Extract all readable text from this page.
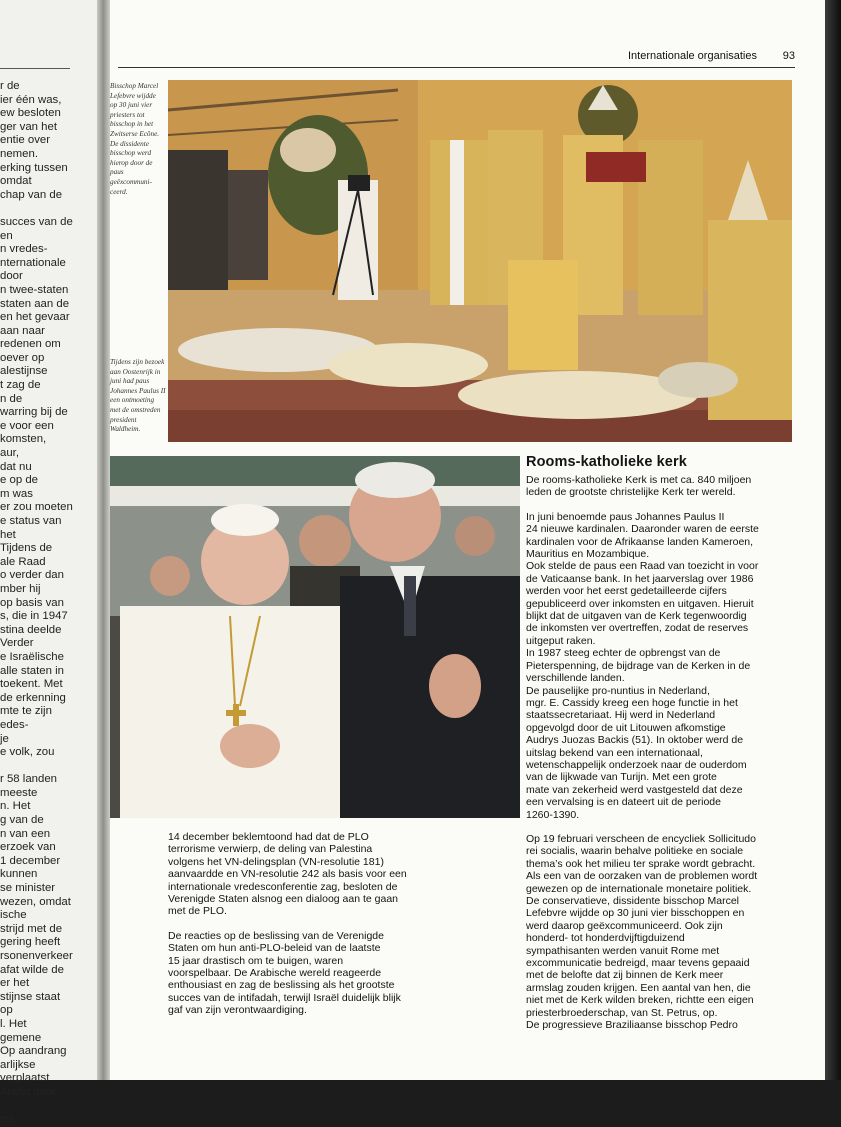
r de
ier één was,
ew besloten
ger van het
entie over
nemen.
erking tussen
omdat
chap van de
succes van de
en
n vredes-
nternationale
door
n twee-staten
staten aan de
en het gevaar
aan naar
redenen om
oever op
alestijnse
t zag de
n de
warring bij de
e voor een
komsten,
aur,
dat nu
e op de
m was
er zou moeten
e status van
het
Tijdens de
ale Raad
o verder dan
mber hij
op basis van
s, die in 1947
stina deelde
Verder
e Israëlische
alle staten in
toekent. Met
de erkenning
mte te zijn
edes-
je
e volk, zou
r 58 landen
meeste
n. Het
g van de
n van een
erzoek van
1 december
kunnen
se minister
wezen, omdat
ische
strijd met de
gering heeft
rsonenverkeer
afat wilde de
er het
stijnse staat
op
l. Het
gemene
Op aandrang
arlijkse
verplaatst
Arafat daar
op
Internationale organisaties 93
Bisschop Marcel
Lefebvre wijdde
op 30 juni vier
priesters tot
bisschop in het
Zwitserse Ecône.
De dissidente
bisschop werd
hierop door de
paus
geëxcommuni-
ceerd.
Tijdens zijn bezoek
aan Oostenrijk in
juni had paus
Johannes Paulus II
een ontmoeting
met de omstreden
president
Waldheim.
Rooms-katholieke kerk

De rooms-katholieke Kerk is met ca. 840 miljoen
leden de grootste christelijke Kerk ter wereld.

In juni benoemde paus Johannes Paulus II
24 nieuwe kardinalen. Daaronder waren de eerste
kardinalen voor de Afrikaanse landen Kameroen,
Mauritius en Mozambique.
Ook stelde de paus een Raad van toezicht in voor
de Vaticaanse bank. In het jaarverslag over 1986
werden voor het eerst gedetailleerde cijfers
gepubliceerd over inkomsten en uitgaven. Hieruit
blijkt dat de uitgaven van de Kerk tegenwoordig
de inkomsten ver overtreffen, zodat de reserves
uitgeput raken.
In 1987 steeg echter de opbrengst van de
Pieterspenning, de bijdrage van de Kerken in de
verschillende landen.
De pauselijke pro-nuntius in Nederland,
mgr. E. Cassidy kreeg een hoge functie in het
staatssecretariaat. Hij werd in Nederland
opgevolgd door de uit Litouwen afkomstige
Audrys Juozas Backis (51). In oktober werd de
uitslag bekend van een internationaal,
wetenschappelijk onderzoek naar de ouderdom
van de lijkwade van Turijn. Met een grote
mate van zekerheid werd vastgesteld dat deze
een vervalsing is en dateert uit de periode
1260-1390.

Op 19 februari verscheen de encycliek Sollicitudo
rei socialis, waarin behalve politieke en sociale
thema’s ook het milieu ter sprake wordt gebracht.
Als een van de oorzaken van de problemen wordt
gewezen op de internationale monetaire politiek.
De conservatieve, dissidente bisschop Marcel
Lefebvre wijdde op 30 juni vier bisschoppen en
werd daarop geëxcommuniceerd. Ook zijn
honderd- tot honderdvijftigduizend
sympathisanten werden vanuit Rome met
excommunicatie bedreigd, maar tevens gepaaid
met de belofte dat zij binnen de Kerk meer
armslag zouden krijgen. Een aantal van hen, die
niet met de Kerk wilden breken, richtte een eigen
priesterbroederschap, van St. Petrus, op.
De progressieve Braziliaanse bisschop Pedro

14 december beklemtoond had dat de PLO
terrorisme verwierp, de deling van Palestina
volgens het VN-delingsplan (VN-resolutie 181)
aanvaardde en VN-resolutie 242 als basis voor een
internationale vredesconferentie zag, besloten de
Verenigde Staten alsnog een dialoog aan te gaan
met de PLO.

De reacties op de beslissing van de Verenigde
Staten om hun anti-PLO-beleid van de laatste
15 jaar drastisch om te buigen, waren
voorspelbaar. De Arabische wereld reageerde
enthousiast en zag de beslissing als het grootste
succes van de intifadah, terwijl Israël duidelijk blijk
gaf van zijn verontwaardiging.
